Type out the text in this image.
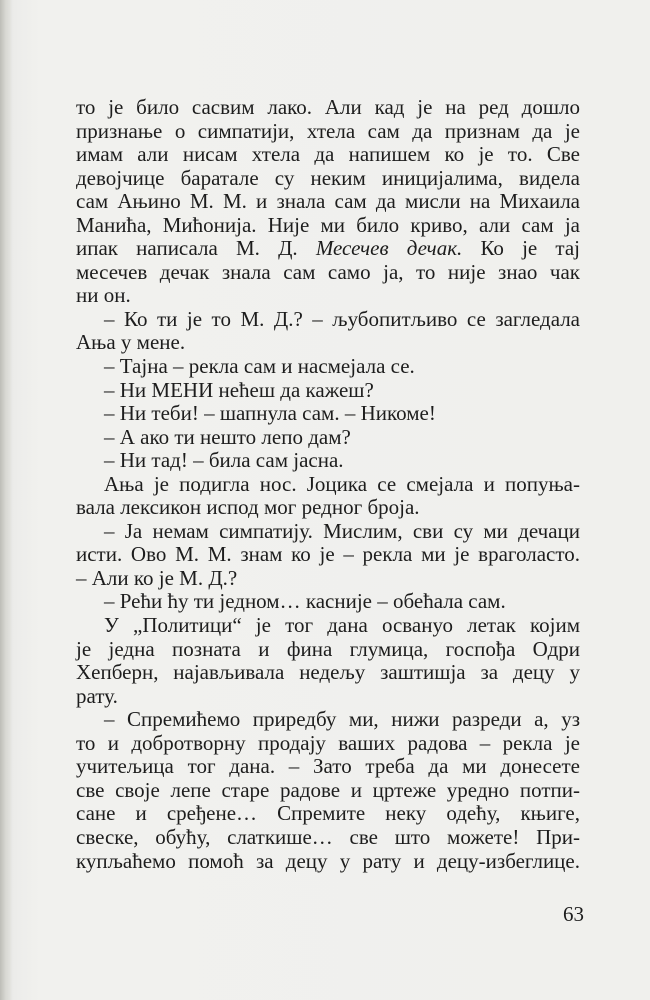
то је било сасвим лако. Али кад је на ред дошло
признање о симпатији, хтела сам да признам да је
имам али нисам хтела да напишем ко је то. Све
девојчице баратале су неким иницијалима, видела
сам Ањино М. М. и знала сам да мисли на Михаила
Манића, Мићонија. Није ми било криво, али сам ја
ипак написала М. Д. Месечев дечак. Ко је тај
месечев дечак знала сам само ја, то није знао чак
ни он.
– Ко ти је то М. Д.? – љубопитљиво се загледала
Ања у мене.
– Тајна – рекла сам и насмејала се.
– Ни МЕНИ нећеш да кажеш?
– Ни теби! – шапнула сам. – Никоме!
– А ако ти нешто лепо дам?
– Ни тад! – била сам јасна.
Ања је подигла нос. Јоцика се смејала и попуња-
вала лексикон испод мог редног броја.
– Ја немам симпатију. Мислим, сви су ми дечаци
исти. Ово М. М. знам ко је – рекла ми је враголасто.
– Али ко је М. Д.?
– Рећи ћу ти једном… касније – обећала сам.
У „Политици“ је тог дана освануо летак којим
је једна позната и фина глумица, госпођа Одри
Хепберн, најављивала недељу заштишја за децу у
рату.
– Спремићемо приредбу ми, нижи разреди а, уз
то и добротворну продају ваших радова – рекла је
учитељица тог дана. – Зато треба да ми донесете
све своје лепе старе радове и цртеже уредно потпи-
сане и сређене… Спремите неку одећу, књиге,
свеске, обућу, слаткише… све што можете! При-
купљаћемо помоћ за децу у рату и децу-избеглице.
63
